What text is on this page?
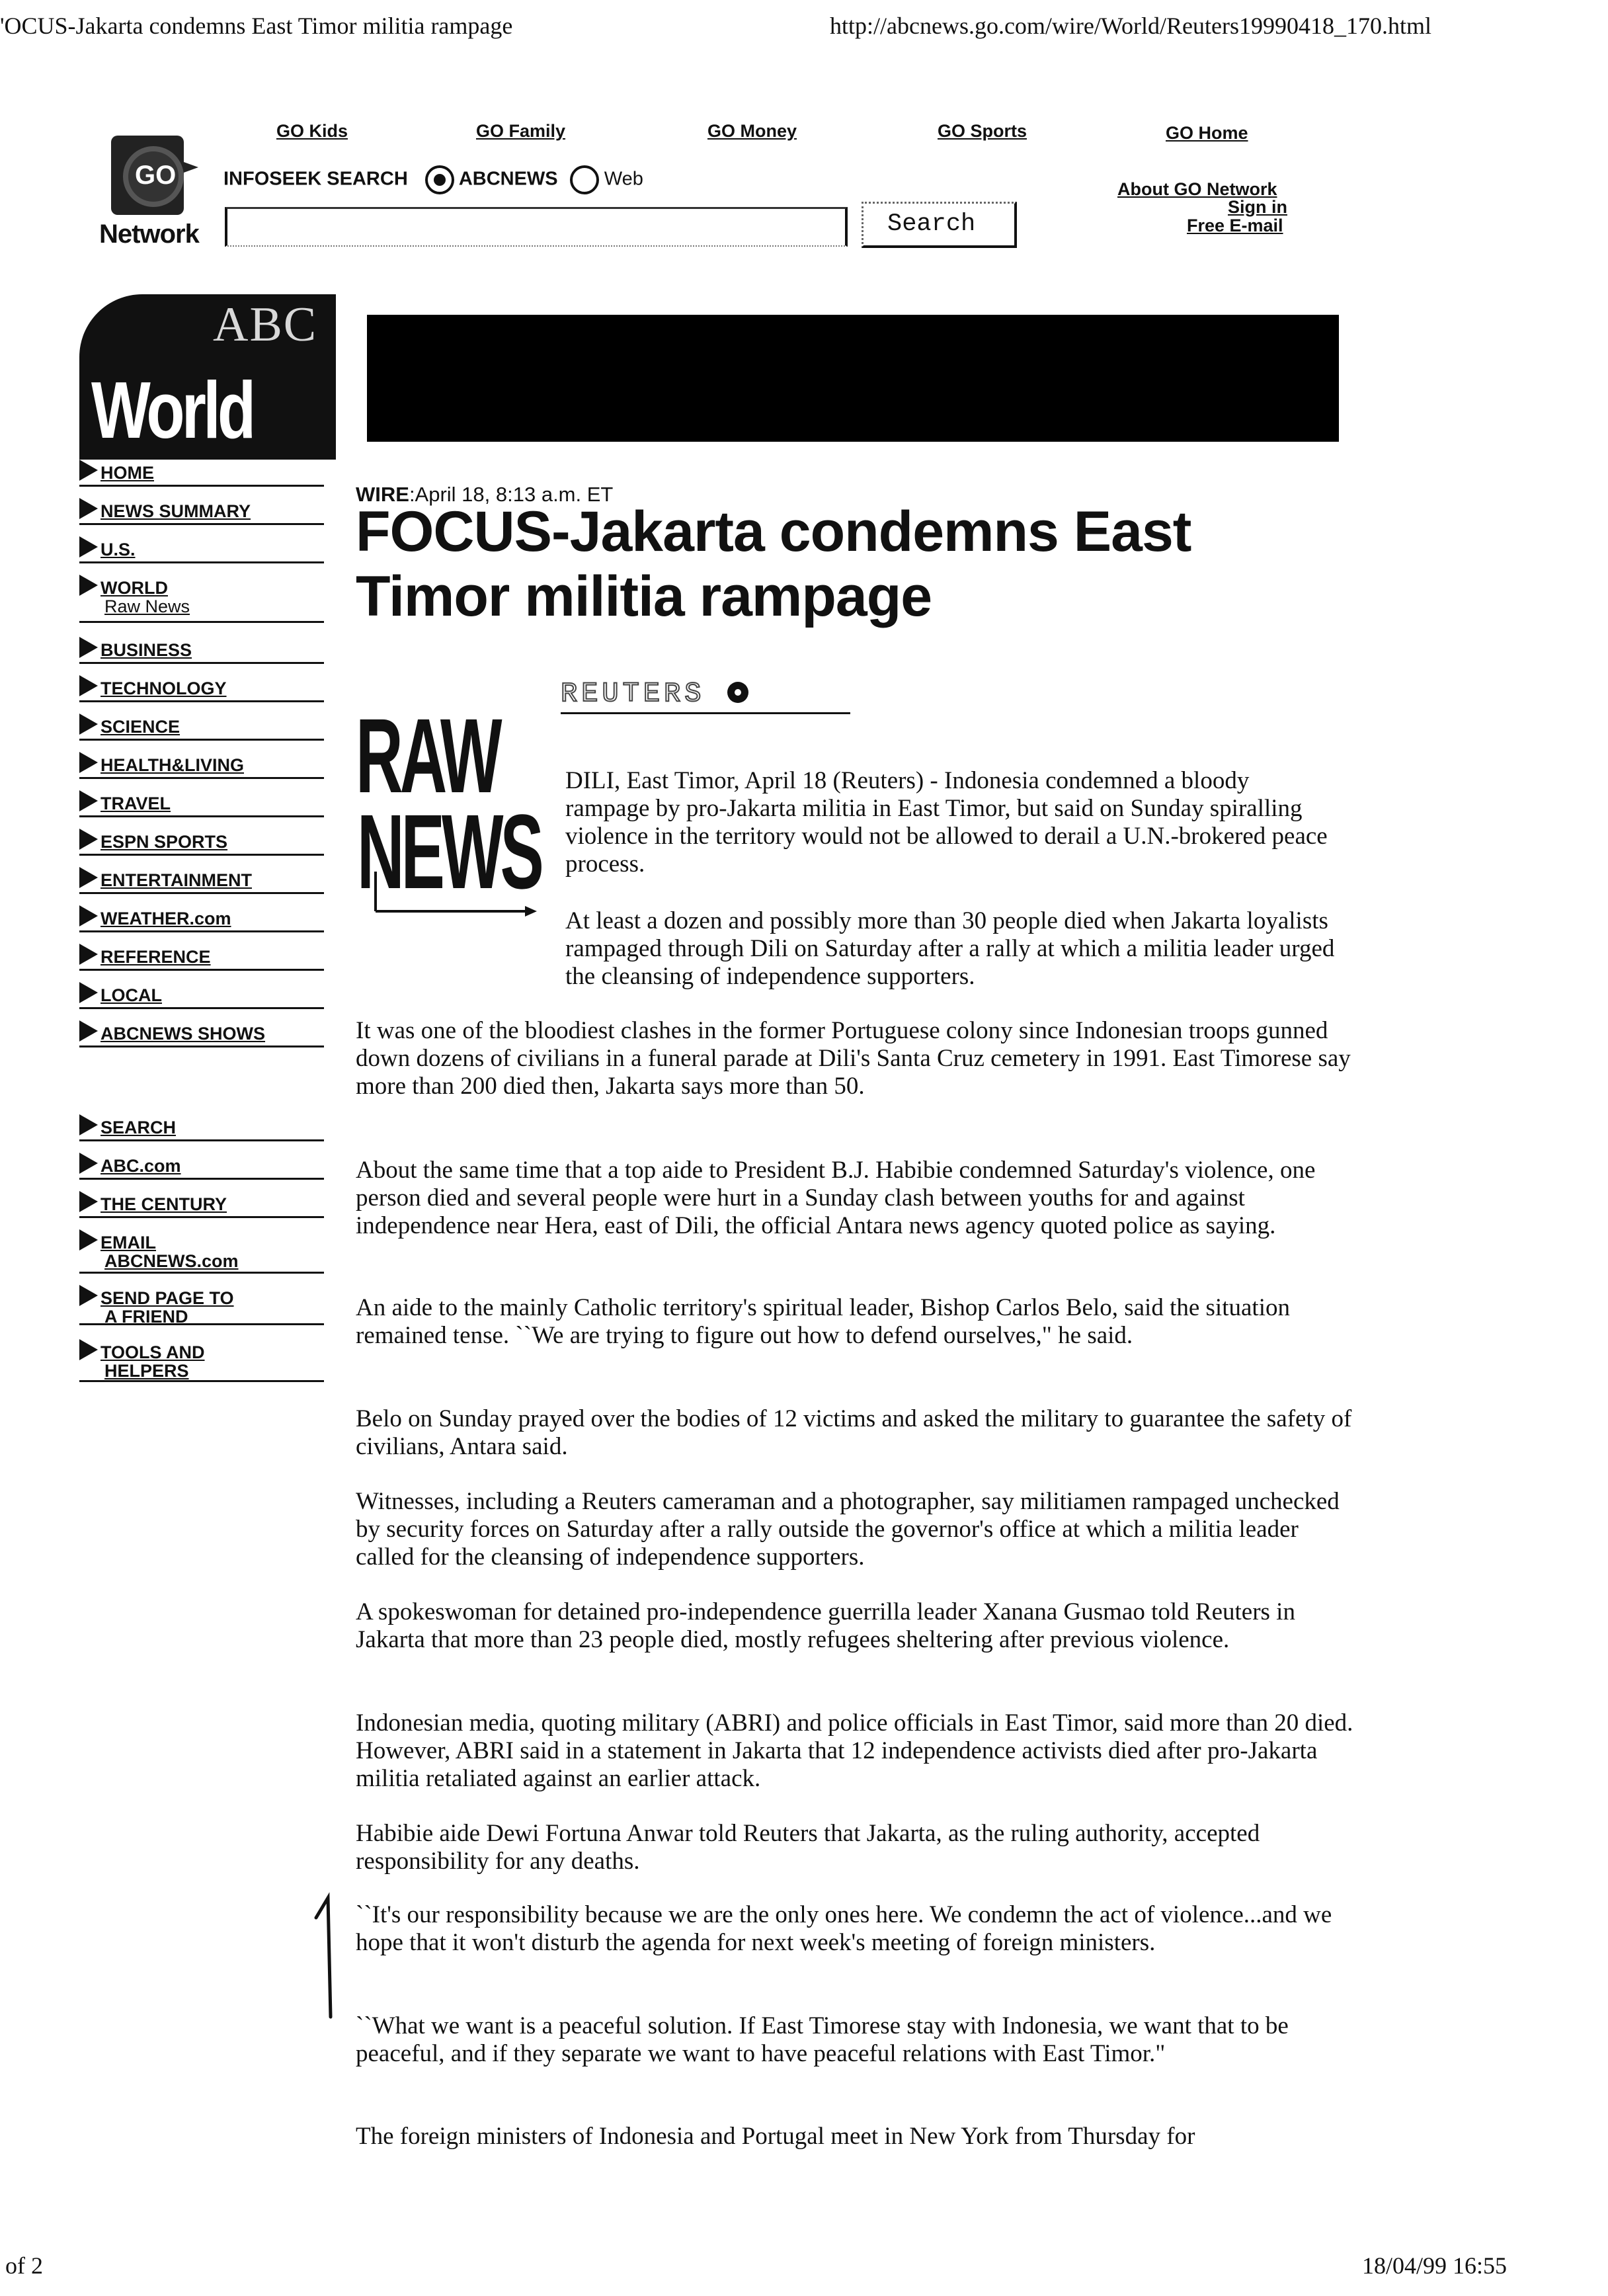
'OCUS-Jakarta condemns East Timor militia rampage	http://abcnews.go.com/wire/World/Reuters19990418_170.html
GO
Network
GO Kids	GO Family	GO Money	GO Sports	GO Home
INFOSEEK SEARCH	ABCNEWS Web
Search
About GO Network
Sign in
Free E-mail
ABC
World
HOME
NEWS SUMMARY
U.S.
WORLD
Raw News
BUSINESS
TECHNOLOGY
SCIENCE
HEALTH&LIVING
TRAVEL
ESPN SPORTS
ENTERTAINMENT
WEATHER.com
REFERENCE
LOCAL
ABCNEWS SHOWS
SEARCH
ABC.com
THE CENTURY
EMAIL
ABCNEWS.com
SEND PAGE TO
A FRIEND
TOOLS AND
HELPERS
WIRE:April 18, 8:13 a.m. ET
FOCUS-Jakarta condemns East Timor militia rampage
REUTERS
RAW
NEWS

DILI, East Timor, April 18 (Reuters) - Indonesia condemned a bloody rampage by pro-Jakarta militia in East Timor, but said on Sunday spiralling violence in the territory would not be allowed to derail a U.N.-brokered peace process.

At least a dozen and possibly more than 30 people died when Jakarta loyalists rampaged through Dili on Saturday after a rally at which a militia leader urged the cleansing of independence supporters.

It was one of the bloodiest clashes in the former Portuguese colony since Indonesian troops gunned down dozens of civilians in a funeral parade at Dili's Santa Cruz cemetery in 1991. East Timorese say more than 200 died then, Jakarta says more than 50.

About the same time that a top aide to President B.J. Habibie condemned Saturday's violence, one person died and several people were hurt in a Sunday clash between youths for and against independence near Hera, east of Dili, the official Antara news agency quoted police as saying.

An aide to the mainly Catholic territory's spiritual leader, Bishop Carlos Belo, said the situation remained tense. ``We are trying to figure out how to defend ourselves," he said.

Belo on Sunday prayed over the bodies of 12 victims and asked the military to guarantee the safety of civilians, Antara said.

Witnesses, including a Reuters cameraman and a photographer, say militiamen rampaged unchecked by security forces on Saturday after a rally outside the governor's office at which a militia leader called for the cleansing of independence supporters.

A spokeswoman for detained pro-independence guerrilla leader Xanana Gusmao told Reuters in Jakarta that more than 23 people died, mostly refugees sheltering after previous violence.

Indonesian media, quoting military (ABRI) and police officials in East Timor, said more than 20 died. However, ABRI said in a statement in Jakarta that 12 independence activists died after pro-Jakarta militia retaliated against an earlier attack.

Habibie aide Dewi Fortuna Anwar told Reuters that Jakarta, as the ruling authority, accepted responsibility for any deaths.

``It's our responsibility because we are the only ones here. We condemn the act of violence...and we hope that it won't disturb the agenda for next week's meeting of foreign ministers.

``What we want is a peaceful solution. If East Timorese stay with Indonesia, we want that to be peaceful, and if they separate we want to have peaceful relations with East Timor."

The foreign ministers of Indonesia and Portugal meet in New York from Thursday for

of 2	18/04/99 16:55
